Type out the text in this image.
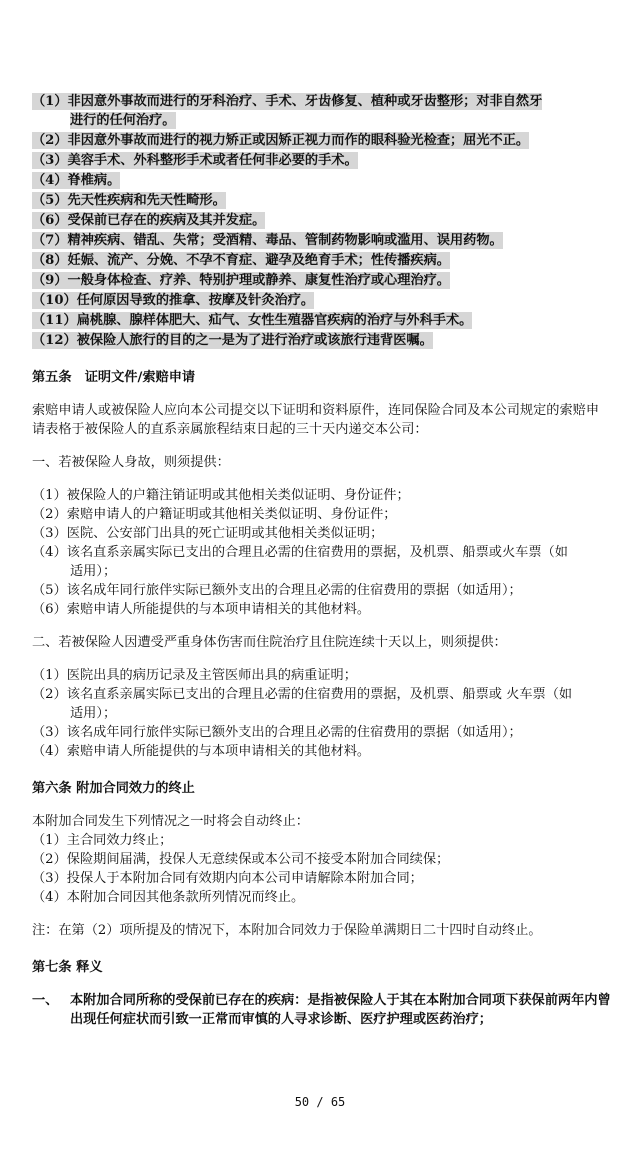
（1）非因意外事故而进行的牙科治疗、手术、牙齿修复、植种或牙齿整形；对非自然牙
进行的任何治疗。
（2）非因意外事故而进行的视力矫正或因矫正视力而作的眼科验光检查；屈光不正。
（3）美容手术、外科整形手术或者任何非必要的手术。
（4）脊椎病。
（5）先天性疾病和先天性畸形。
（6）受保前已存在的疾病及其并发症。
（7）精神疾病、错乱、失常；受酒精、毒品、管制药物影响或滥用、误用药物。
（8）妊娠、流产、分娩、不孕不育症、避孕及绝育手术；性传播疾病。
（9）一般身体检查、疗养、特别护理或静养、康复性治疗或心理治疗。
（10）任何原因导致的推拿、按摩及针灸治疗。
（11）扁桃腺、腺样体肥大、疝气、女性生殖器官疾病的治疗与外科手术。
（12）被保险人旅行的目的之一是为了进行治疗或该旅行违背医嘱。
第五条　证明文件/索赔申请
索赔申请人或被保险人应向本公司提交以下证明和资料原件，连同保险合同及本公司规定的索赔申请表格于被保险人的直系亲属旅程结束日起的三十天内递交本公司：
一、若被保险人身故，则须提供：
（1）被保险人的户籍注销证明或其他相关类似证明、身份证件；
（2）索赔申请人的户籍证明或其他相关类似证明、身份证件；
（3）医院、公安部门出具的死亡证明或其他相关类似证明；
（4）该名直系亲属实际已支出的合理且必需的住宿费用的票据，及机票、船票或火车票（如
适用）；
（5）该名成年同行旅伴实际已额外支出的合理且必需的住宿费用的票据（如适用）；
（6）索赔申请人所能提供的与本项申请相关的其他材料。
二、若被保险人因遭受严重身体伤害而住院治疗且住院连续十天以上，则须提供：
（1）医院出具的病历记录及主管医师出具的病重证明；
（2）该名直系亲属实际已支出的合理且必需的住宿费用的票据，及机票、船票或 火车票（如
适用）；
（3）该名成年同行旅伴实际已额外支出的合理且必需的住宿费用的票据（如适用）；
（4）索赔申请人所能提供的与本项申请相关的其他材料。
第六条 附加合同效力的终止
本附加合同发生下列情况之一时将会自动终止：
（1）主合同效力终止；
（2）保险期间届满，投保人无意续保或本公司不接受本附加合同续保；
（3）投保人于本附加合同有效期内向本公司申请解除本附加合同；
（4）本附加合同因其他条款所列情况而终止。
注：在第（2）项所提及的情况下，本附加合同效力于保险单满期日二十四时自动终止。
第七条 释义
一、 本附加合同所称的受保前已存在的疾病：是指被保险人于其在本附加合同项下获保前两年内曾出现任何症状而引致一正常而审慎的人寻求诊断、医疗护理或医药治疗；
50 / 65
